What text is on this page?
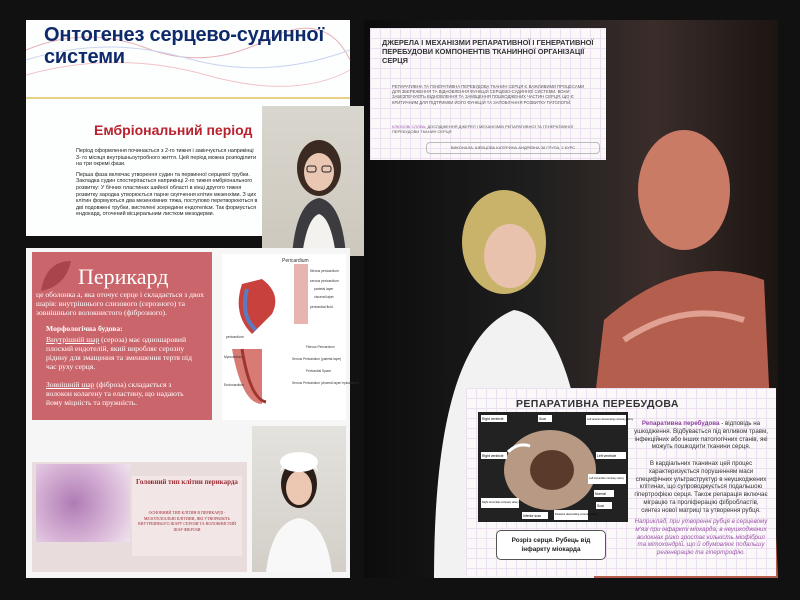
Онтогенез серцево-судинної системи
Ембріональний період
Період оформлення починається з 2-го тижня і закінчується наприкінці 3- го місяця внутрішньоутробного життя. Цей період можна розподілити на три окремі фази.
Перша фаза включає утворення судин та первинної серцевої трубки. Закладка судин спостерігається наприкінці 2-го тижня ембріонального розвитку: У бічних пластинах шийної області в кінці другого тижня розвитку зародка утворюється парне скупчення клітин мезенхіми. З цих клітин формуються два мезенхімних тяжа, поступово перетворюються в дві подовжені трубки, вистелені зсередини ендотелієм. Так формується ендокард, оточений вісцеральним листком мезодерми.
Перикард
це оболонка а, яка оточує серце і складається з двох шарів: внутрішнього слизового (серозного) та зовнішнього волокнистого (фіброзного).
Морфологічна будова:
Внутрішній шар (сероза) має одношаровий плоский ендотелій, який виробляє серозну рідину для змащення та зменшення тертя під час руху серця.
Зовнішній шар (фіброза) складається з волокон колагену та еластину, що надають йому міцність та пружність.
Pericardium
fibrous pericardium
serous pericardium
parietal layer
visceral layer
pericardial fluid
pericardium
Myocardium
Endocardium
Fibrous Pericardium
Serous Pericardium (parietal layer)
Pericardial Space
Serous Pericardium (visceral layer/ epicardium)
Головний тип клітин перикарда
ОСНОВНИЙ ТИП КЛІТИН В ПЕРИКАРДІ - МЕЗОТЕЛІАЛЬНІ КЛІТИНИ, ЯКІ УТВОРЮЮТЬ ВНУТРІШНЬОГО ШАРУ СЕРОЗИ ТА ВОЛОКНИСТИЙ ШАР ФІБРОЗИ
ДЖЕРЕЛА І МЕХАНІЗМИ РЕПАРАТИВНОЇ І ГЕНЕРАТИВНОЇ ПЕРЕБУДОВИ КОМПОНЕНТІВ ТКАНИННОЇ ОРГАНІЗАЦІЇ СЕРЦЯ
РЕПАРАТИВНА ТА ГЕНЕРАТИВНА ПЕРЕБУДОВА ТКАНИН СЕРЦЯ Є ВАЖЛИВИМИ ПРОЦЕСАМИ ДЛЯ ЗБЕРЕЖЕННЯ ТА ВІДНОВЛЕННЯ ФУНКЦІЙ СЕРЦЕВО-СУДИННОЇ СИСТЕМИ. ВОНИ ЗАБЕЗПЕЧУЮТЬ ВІДНОВЛЕННЯ ТА ЗАМІЩЕННЯ ПОШКОДЖЕНИХ ЧАСТИН СЕРЦЯ, ЩО Є КРИТИЧНИМ ДЛЯ ПІДТРИМКИ ЙОГО ФУНКЦІЙ ТА ЗАПОБІГАННЯ РОЗВИТКУ ПАТОЛОГІЙ.
КЛЮЧОВІ СЛОВА: ДОСЛІДЖЕННЯ ДЖЕРЕЛ І МЕХАНІЗМІВ РЕПАРАТИВНОЇ ТА ГЕНЕРАТИВНОЇ ПЕРЕБУДОВИ ТКАНИН СЕРЦЯ
ВИКОНАЛА: ШЕВЦОВА КАТЕРИНА АНДРІЇВНА 38 ГРУПА, 2 КУРС
РЕПАРАТИВНА ПЕРЕБУДОВА
Right ventricle	Left anterior descending coronary artery
Scar
Left ventricle
Right circumflex coronary artery
Left circumflex coronary artery
Normal
Scar
Right ventricle
Inferior scar	Posterior descending coronary artery
Репаративна перебудова - відповідь на ушкодження. Відбувається під впливом травм, інфекційних або інших патологічних станів, які можуть пошкодити тканини серця.
В кардіальних тканинах цей процес характеризується порушенням маси специфічних ультраструктур в неушкоджених клітинах, що супроводжується подальшою гіпертрофією серця. Також репарація включає міграцію та проліферацію фібробластів, синтез нової матриці та утворення рубця.
Наприклад, при утворенні рубця в серцевому м'язі при інфаркті міокарда, в неушкоджених волокнах різко зростає кількість міофібрил та мітохондрій, що й обумовлює подальшу регенерацію та гіпертрофію.
Розріз серця. Рубець від інфаркту міокарда
